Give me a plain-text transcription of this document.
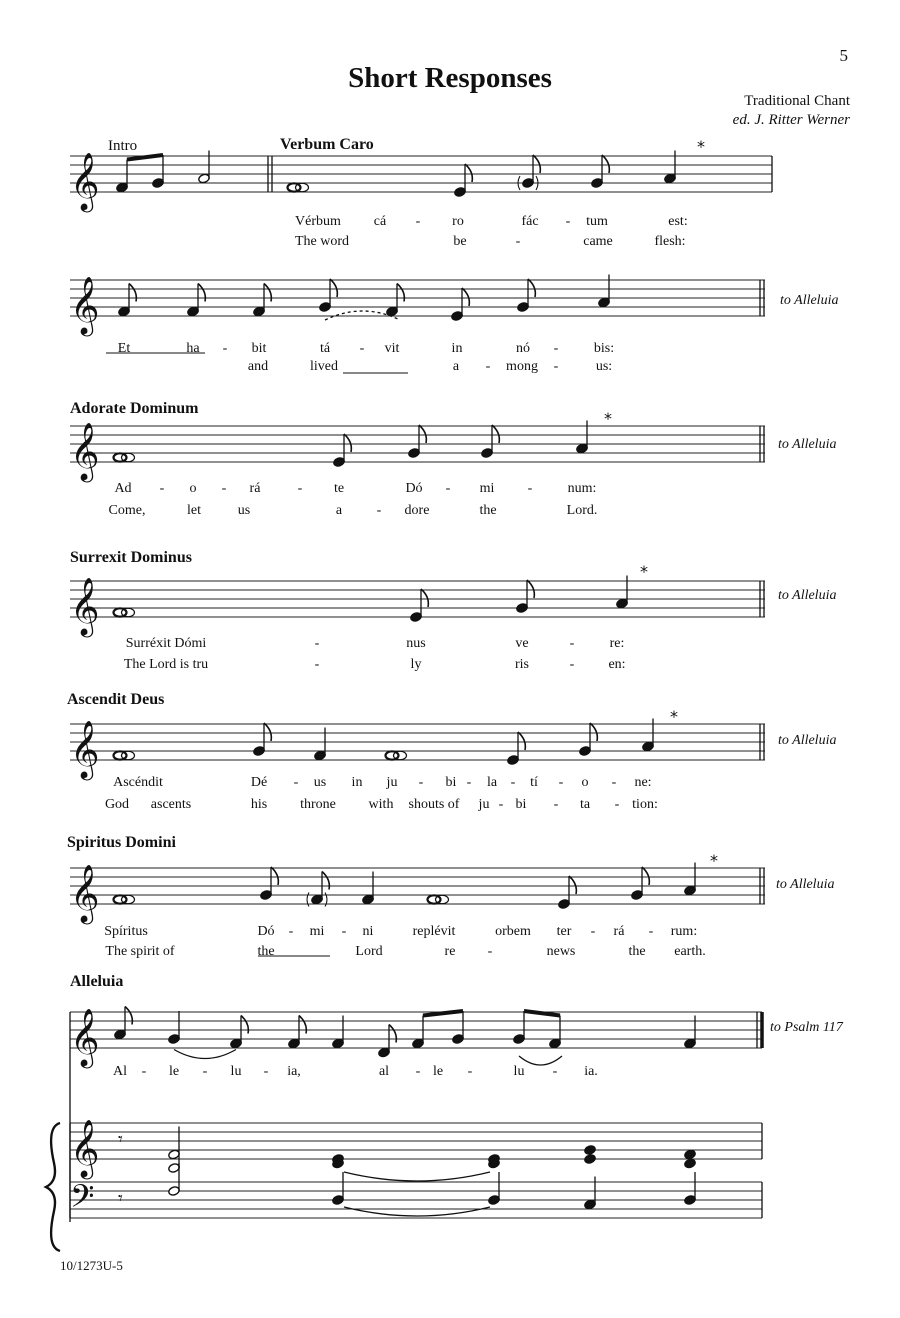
5
Short Responses
Traditional Chant
ed. J. Ritter Werner
Intro	Verbum Caro
Vérbum cá - ro	fác - tum	est:
The word	be	-	came	flesh:
Et	ha - bit	tá - vit	in	nó -	bis:
and	lived	a - mong -	us:
to Alleluia
Adorate Dominum
Ad - o - rá	- te	Dó - mi -	num:
Come,	let	us	a - dore	the	Lord.
to Alleluia
Surrexit Dominus
Surréxit Dómi	-	nus	ve	-	re:
The Lord is tru	-	ly	ris	- en:
to Alleluia
Ascendit Deus
Ascéndit	Dé - us in ju - bi - la - tí - o - ne:
God ascents	his throne with shouts of ju - bi - ta - tion:
to Alleluia
Spiritus Domini
Spíritus	Dó - mi - ni	replévit	orbem ter - rá - rum:
The spirit of	the	Lord	re -	news	the earth.
to Alleluia
Alleluia
Al - le - lu - ia,	al - le -	lu - ia.
to Psalm 117
10/1273U-5
𝄞
*
𝄞
𝄞
*
𝄞
*
𝄞
*
𝄞
*
𝄞
𝄞 𝄾
𝄢 𝄾
